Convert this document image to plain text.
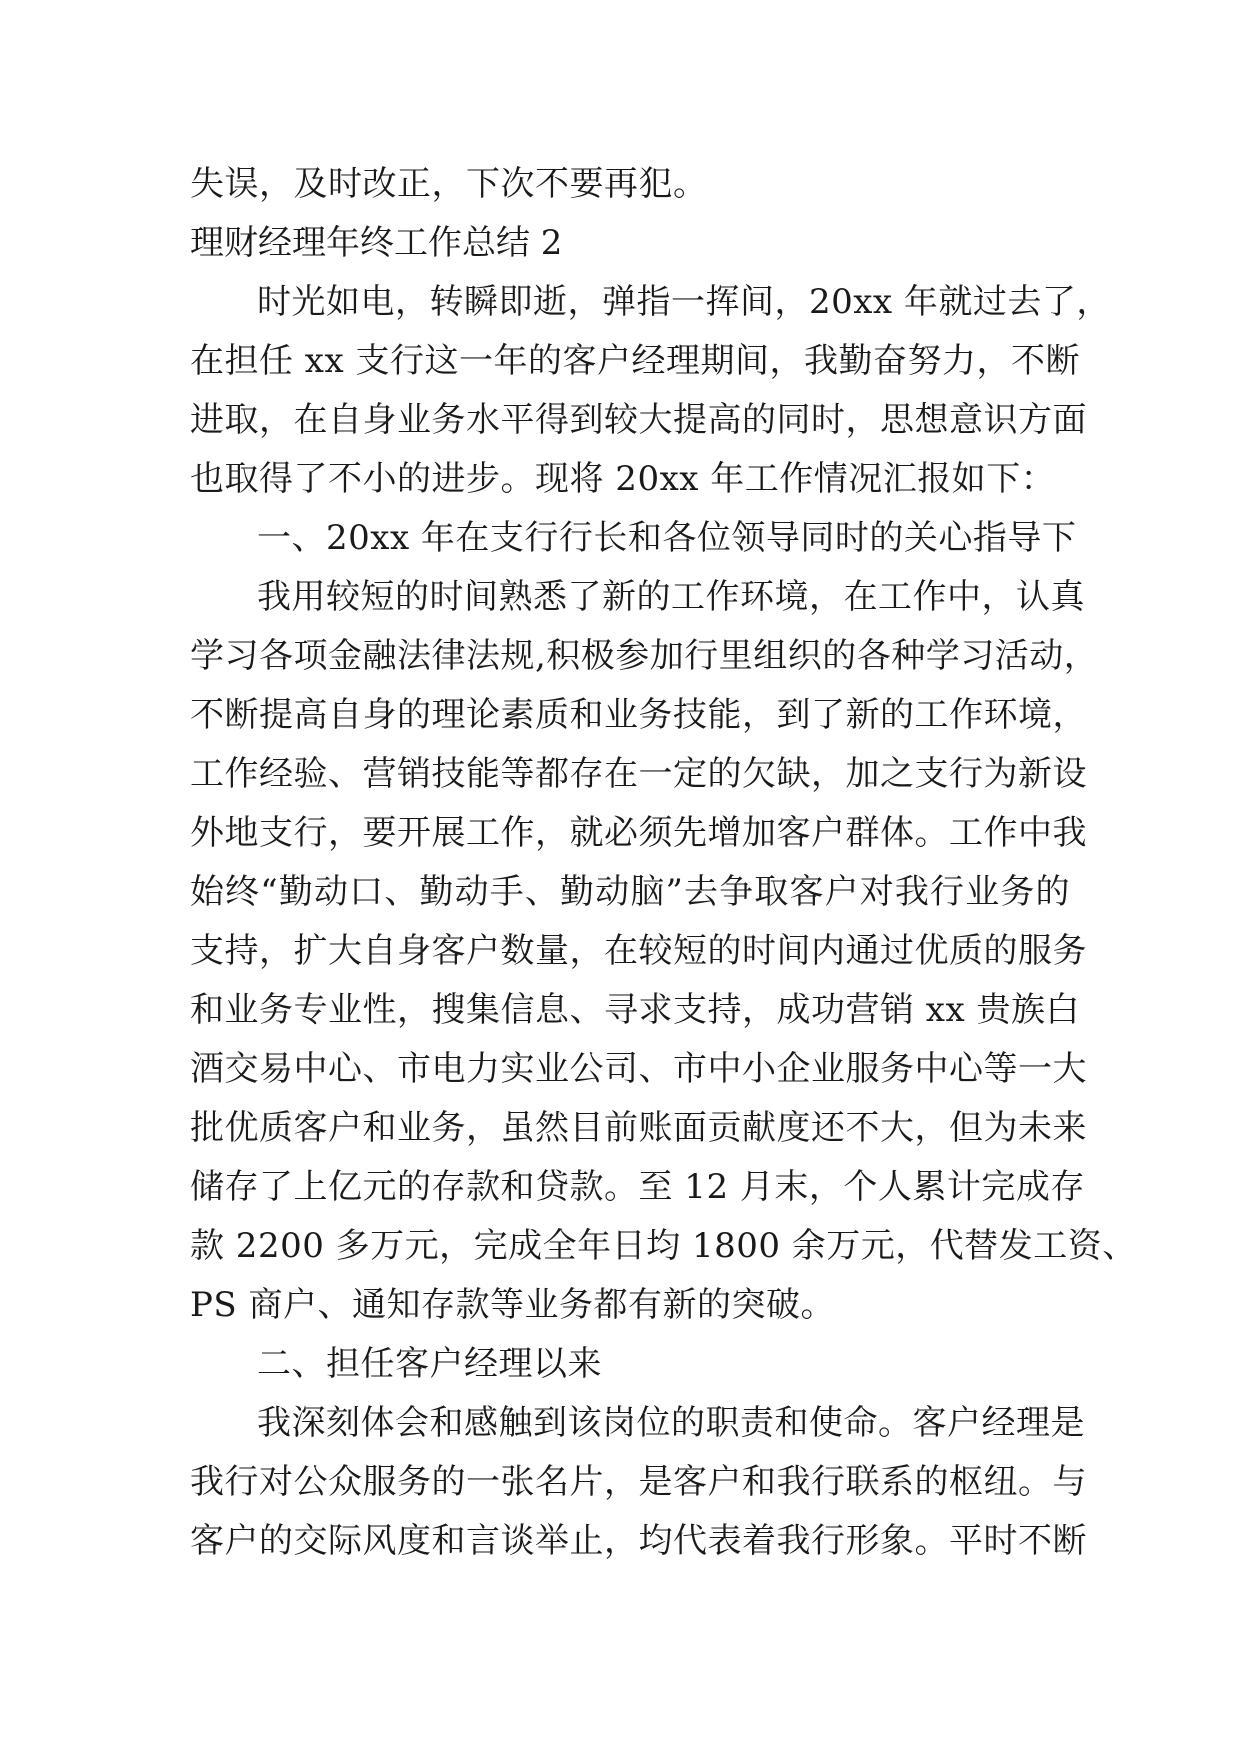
失误，及时改正，下次不要再犯。
理财经理年终工作总结 2
时光如电，转瞬即逝，弹指一挥间，20xx 年就过去了，
在担任 xx 支行这一年的客户经理期间，我勤奋努力，不断
进取，在自身业务水平得到较大提高的同时，思想意识方面
也取得了不小的进步。现将 20xx 年工作情况汇报如下：
一、20xx 年在支行行长和各位领导同时的关心指导下
我用较短的时间熟悉了新的工作环境，在工作中，认真
学习各项金融法律法规,积极参加行里组织的各种学习活动，
不断提高自身的理论素质和业务技能，到了新的工作环境，
工作经验、营销技能等都存在一定的欠缺，加之支行为新设
外地支行，要开展工作，就必须先增加客户群体。工作中我
始终“勤动口、勤动手、勤动脑”去争取客户对我行业务的
支持，扩大自身客户数量，在较短的时间内通过优质的服务
和业务专业性，搜集信息、寻求支持，成功营销 xx 贵族白
酒交易中心、市电力实业公司、市中小企业服务中心等一大
批优质客户和业务，虽然目前账面贡献度还不大，但为未来
储存了上亿元的存款和贷款。至 12 月末，个人累计完成存
款 2200 多万元，完成全年日均 1800 余万元，代替发工资、
PS 商户、通知存款等业务都有新的突破。
二、担任客户经理以来
我深刻体会和感触到该岗位的职责和使命。客户经理是
我行对公众服务的一张名片，是客户和我行联系的枢纽。与
客户的交际风度和言谈举止，均代表着我行形象。平时不断
